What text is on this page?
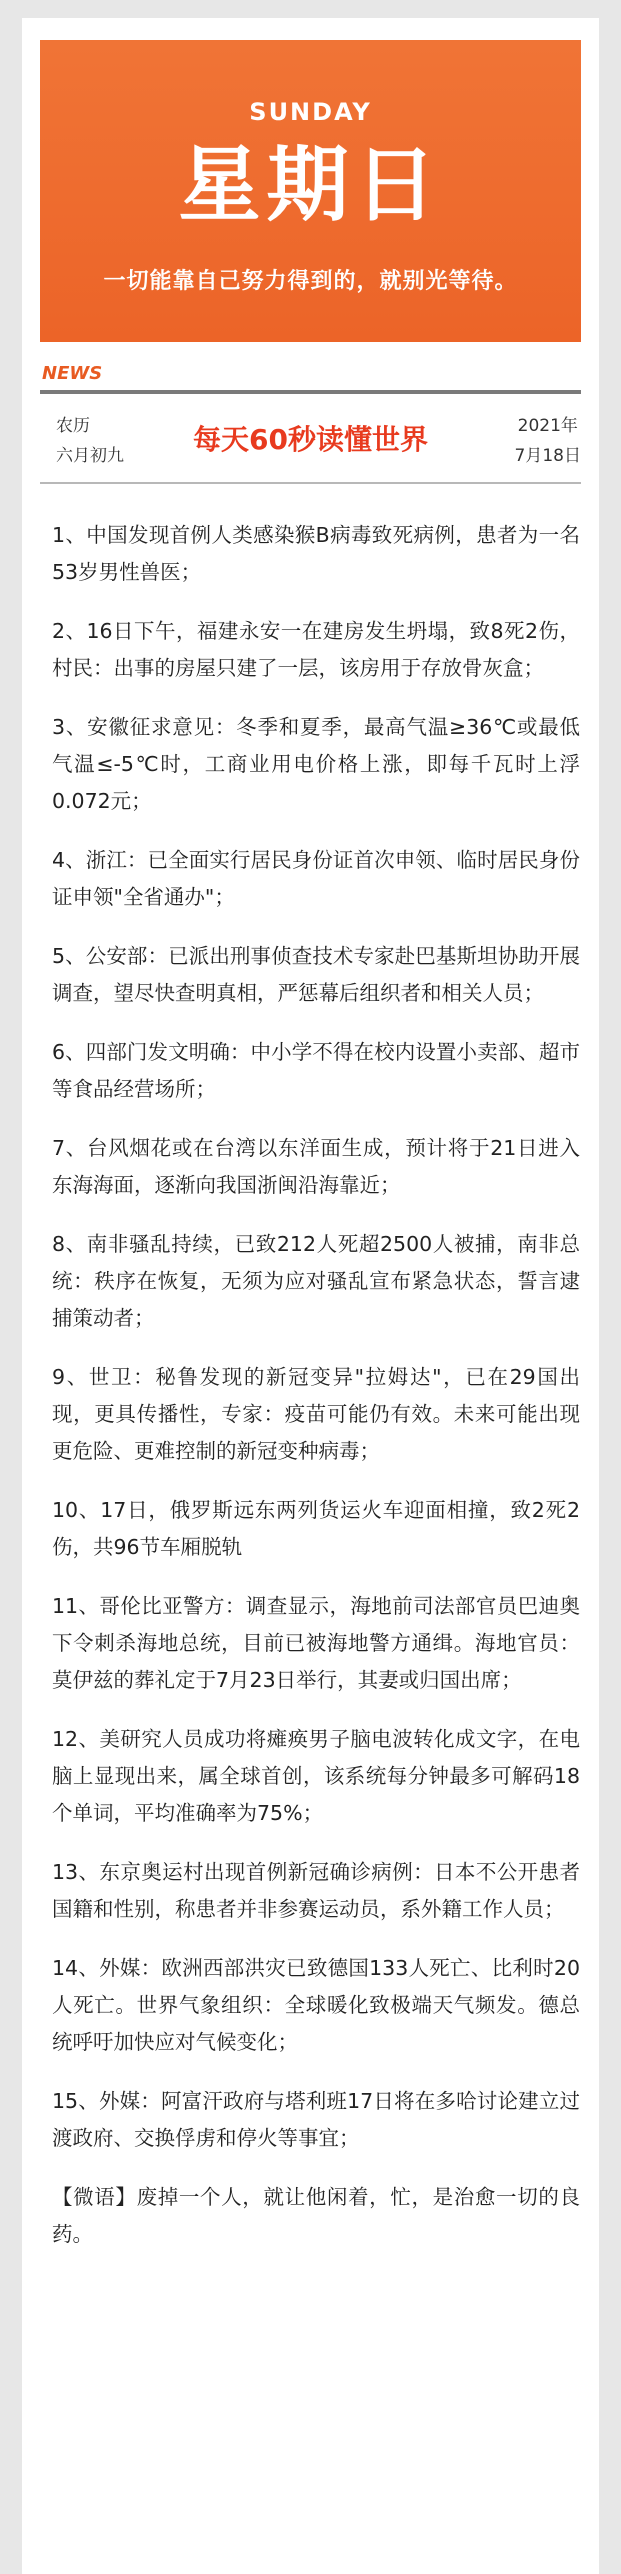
SUNDAY
星期日
一切能靠自己努力得到的，就别光等待。
NEWS
农历
六月初九	每天60秒读懂世界	2021年
7月18日

1、中国发现首例人类感染猴B病毒致死病例，患者为一名53岁男性兽医；

2、16日下午，福建永安一在建房发生坍塌，致8死2伤，村民：出事的房屋只建了一层，该房用于存放骨灰盒；

3、安徽征求意见：冬季和夏季，最高气温≥36℃或最低气温≤-5℃时，工商业用电价格上涨，即每千瓦时上浮0.072元；

4、浙江：已全面实行居民身份证首次申领、临时居民身份证申领"全省通办"；

5、公安部：已派出刑事侦查技术专家赴巴基斯坦协助开展调查，望尽快查明真相，严惩幕后组织者和相关人员；

6、四部门发文明确：中小学不得在校内设置小卖部、超市等食品经营场所；

7、台风烟花或在台湾以东洋面生成，预计将于21日进入东海海面，逐渐向我国浙闽沿海靠近；

8、南非骚乱持续，已致212人死超2500人被捕，南非总统：秩序在恢复，无须为应对骚乱宣布紧急状态，誓言逮捕策动者；

9、世卫：秘鲁发现的新冠变异"拉姆达"，已在29国出现，更具传播性，专家：疫苗可能仍有效。未来可能出现更危险、更难控制的新冠变种病毒；

10、17日，俄罗斯远东两列货运火车迎面相撞，致2死2伤，共96节车厢脱轨

11、哥伦比亚警方：调查显示，海地前司法部官员巴迪奥下令刺杀海地总统，目前已被海地警方通缉。海地官员：莫伊兹的葬礼定于7月23日举行，其妻或归国出席；

12、美研究人员成功将瘫痪男子脑电波转化成文字，在电脑上显现出来，属全球首创，该系统每分钟最多可解码18个单词，平均准确率为75%；

13、东京奥运村出现首例新冠确诊病例：日本不公开患者国籍和性别，称患者并非参赛运动员，系外籍工作人员；

14、外媒：欧洲西部洪灾已致德国133人死亡、比利时20人死亡。世界气象组织：全球暖化致极端天气频发。德总统呼吁加快应对气候变化；

15、外媒：阿富汗政府与塔利班17日将在多哈讨论建立过渡政府、交换俘虏和停火等事宜；

【微语】废掉一个人，就让他闲着，忙，是治愈一切的良药。
